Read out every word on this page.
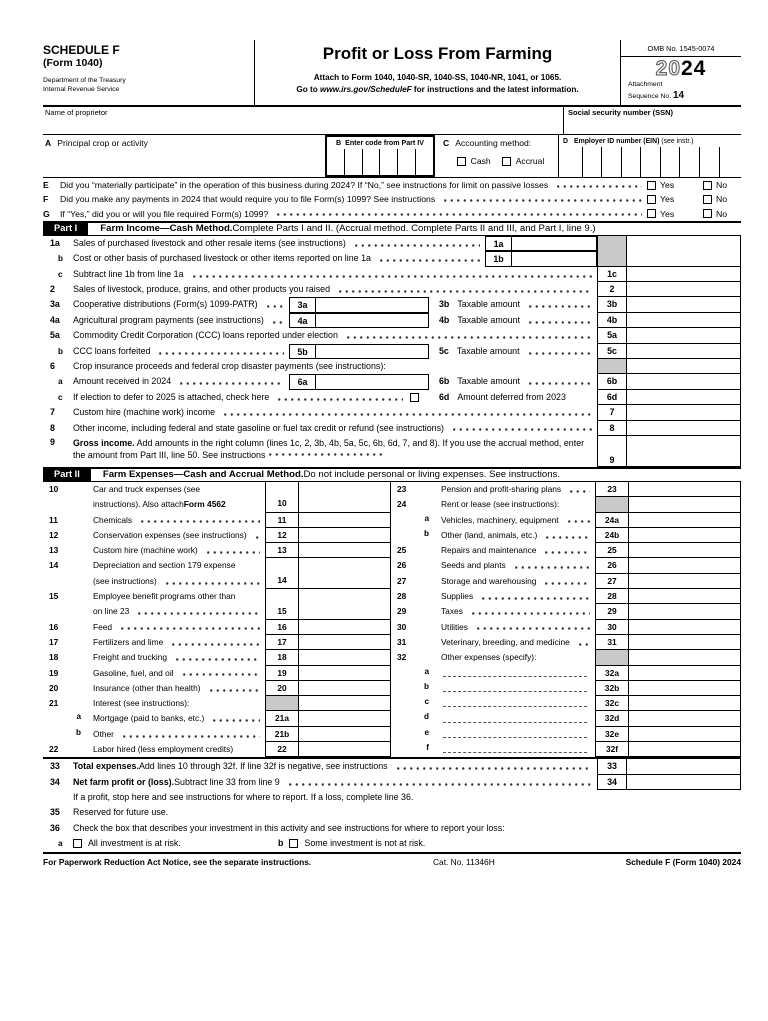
SCHEDULE F
(Form 1040)
Department of the Treasury
Internal Revenue Service
Profit or Loss From Farming
Attach to Form 1040, 1040-SR, 1040-SS, 1040-NR, 1041, or 1065.
Go to www.irs.gov/ScheduleF for instructions and the latest information.
OMB No. 1545-0074
2024
Attachment
Sequence No. 14
Name of proprietor	Social security number (SSN)
A Principal crop or activity	B Enter code from Part IV	C Accounting method:
Cash	Accrual
D Employer ID number (EIN) (see instr.)
E	Did you “materially participate” in the operation of this business during 2024? If “No,” see instructions for limit on passive losses	Yes	No
F	Did you make any payments in 2024 that would require you to file Form(s) 1099? See instructions	Yes	No
G	If “Yes,” did you or will you file required Form(s) 1099?	Yes	No
Part I	Farm Income—Cash Method. Complete Parts I and II. (Accrual method. Complete Parts II and III, and Part I, line 9.)
1a	Sales of purchased livestock and other resale items (see instructions)	1a
b	Cost or other basis of purchased livestock or other items reported on line 1a	1b
c	Subtract line 1b from line 1a	1c
2	Sales of livestock, produce, grains, and other products you raised	2
3a	Cooperative distributions (Form(s) 1099-PATR)	3a	3b Taxable amount	3b
4a	Agricultural program payments (see instructions)	4a	4b Taxable amount	4b
5a	Commodity Credit Corporation (CCC) loans reported under election	5a
b	CCC loans forfeited	5b	5c Taxable amount	5c
6	Crop insurance proceeds and federal crop disaster payments (see instructions):
a	Amount received in 2024	6a	6b Taxable amount	6b
c	If election to defer to 2025 is attached, check here	6d Amount deferred from 2023	6d
7	Custom hire (machine work) income	7
8	Other income, including federal and state gasoline or fuel tax credit or refund (see instructions)	8
9	Gross income. Add amounts in the right column (lines 1c, 2, 3b, 4b, 5a, 5c, 6b, 6d, 7, and 8). If you use the accrual method, enter the amount from Part III, line 50. See instructions	9
Part II	Farm Expenses—Cash and Accrual Method. Do not include personal or living expenses. See instructions.
10	Car and truck expenses (see
instructions). Also attach Form 4562	10
11	Chemicals	11
12	Conservation expenses (see instructions)	12
13	Custom hire (machine work)	13
14	Depreciation and section 179 expense
(see instructions)	14
15	Employee benefit programs other than
on line 23	15
16	Feed	16
17	Fertilizers and lime	17
18	Freight and trucking	18
19	Gasoline, fuel, and oil	19
20	Insurance (other than health)	20
21	Interest (see instructions):
a Mortgage (paid to banks, etc.)	21a
b Other	21b
22	Labor hired (less employment credits)	22
23	Pension and profit-sharing plans	23
24	Rent or lease (see instructions):
a Vehicles, machinery, equipment	24a
b Other (land, animals, etc.)	24b
25	Repairs and maintenance	25
26	Seeds and plants	26
27	Storage and warehousing	27
28	Supplies	28
29	Taxes	29
30	Utilities	30
31	Veterinary, breeding, and medicine	31
32	Other expenses (specify):
a	32a
b	32b
c	32c
d	32d
e	32e
f	32f
33	Total expenses. Add lines 10 through 32f. If line 32f is negative, see instructions	33
34	Net farm profit or (loss). Subtract line 33 from line 9	34
If a profit, stop here and see instructions for where to report. If a loss, complete line 36.
35	Reserved for future use.
36	Check the box that describes your investment in this activity and see instructions for where to report your loss:
a	All investment is at risk.	b Some investment is not at risk.
For Paperwork Reduction Act Notice, see the separate instructions.	Cat. No. 11346H	Schedule F (Form 1040) 2024
